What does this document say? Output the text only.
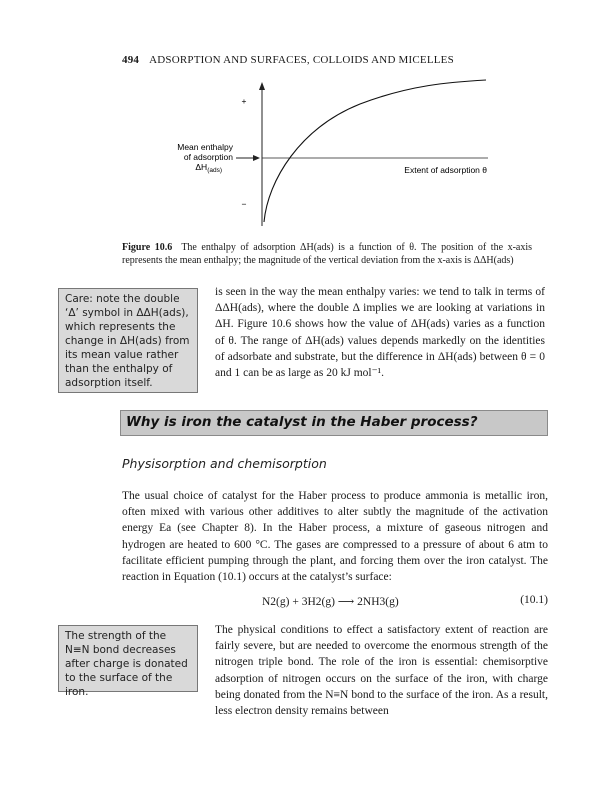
494 ADSORPTION AND SURFACES, COLLOIDS AND MICELLES
+
−
Mean enthalpy
of adsorption
$\Delta H_{(ads)}$	Extent of adsorption θ
Figure 10.6 The enthalpy of adsorption ΔH(ads) is a function of θ. The position of the x-axis represents the mean enthalpy; the magnitude of the vertical deviation from the x-axis is ΔΔH(ads)
Care: note the double ‘Δ’ symbol in ΔΔH(ads), which represents the change in ΔH(ads) from its mean value rather than the enthalpy of adsorption itself.
is seen in the way the mean enthalpy varies: we tend to talk in terms of ΔΔH(ads), where the double Δ implies we are looking at variations in ΔH. Figure 10.6 shows how the value of ΔH(ads) varies as a function of θ. The range of ΔH(ads) values depends markedly on the identities of adsorbate and substrate, but the difference in ΔH(ads) between θ = 0 and 1 can be as large as 20 kJ mol⁻¹.
Why is iron the catalyst in the Haber process?
Physisorption and chemisorption
The usual choice of catalyst for the Haber process to produce ammonia is metallic iron, often mixed with various other additives to alter subtly the magnitude of the activation energy Ea (see Chapter 8). In the Haber process, a mixture of gaseous nitrogen and hydrogen are heated to 600 °C. The gases are compressed to a pressure of about 6 atm to facilitate efficient pumping through the plant, and forcing them over the iron catalyst. The reaction in Equation (10.1) occurs at the catalyst’s surface:
N2(g) + 3H2(g) ⟶ 2NH3(g)	(10.1)
The strength of the N≡N bond decreases after charge is donated to the surface of the iron.
The physical conditions to effect a satisfactory extent of reaction are fairly severe, but are needed to overcome the enormous strength of the nitrogen triple bond. The role of the iron is essential: chemisorptive adsorption of nitrogen occurs on the surface of the iron, with charge being donated from the N≡N bond to the surface of the iron. As a result, less electron density remains between
